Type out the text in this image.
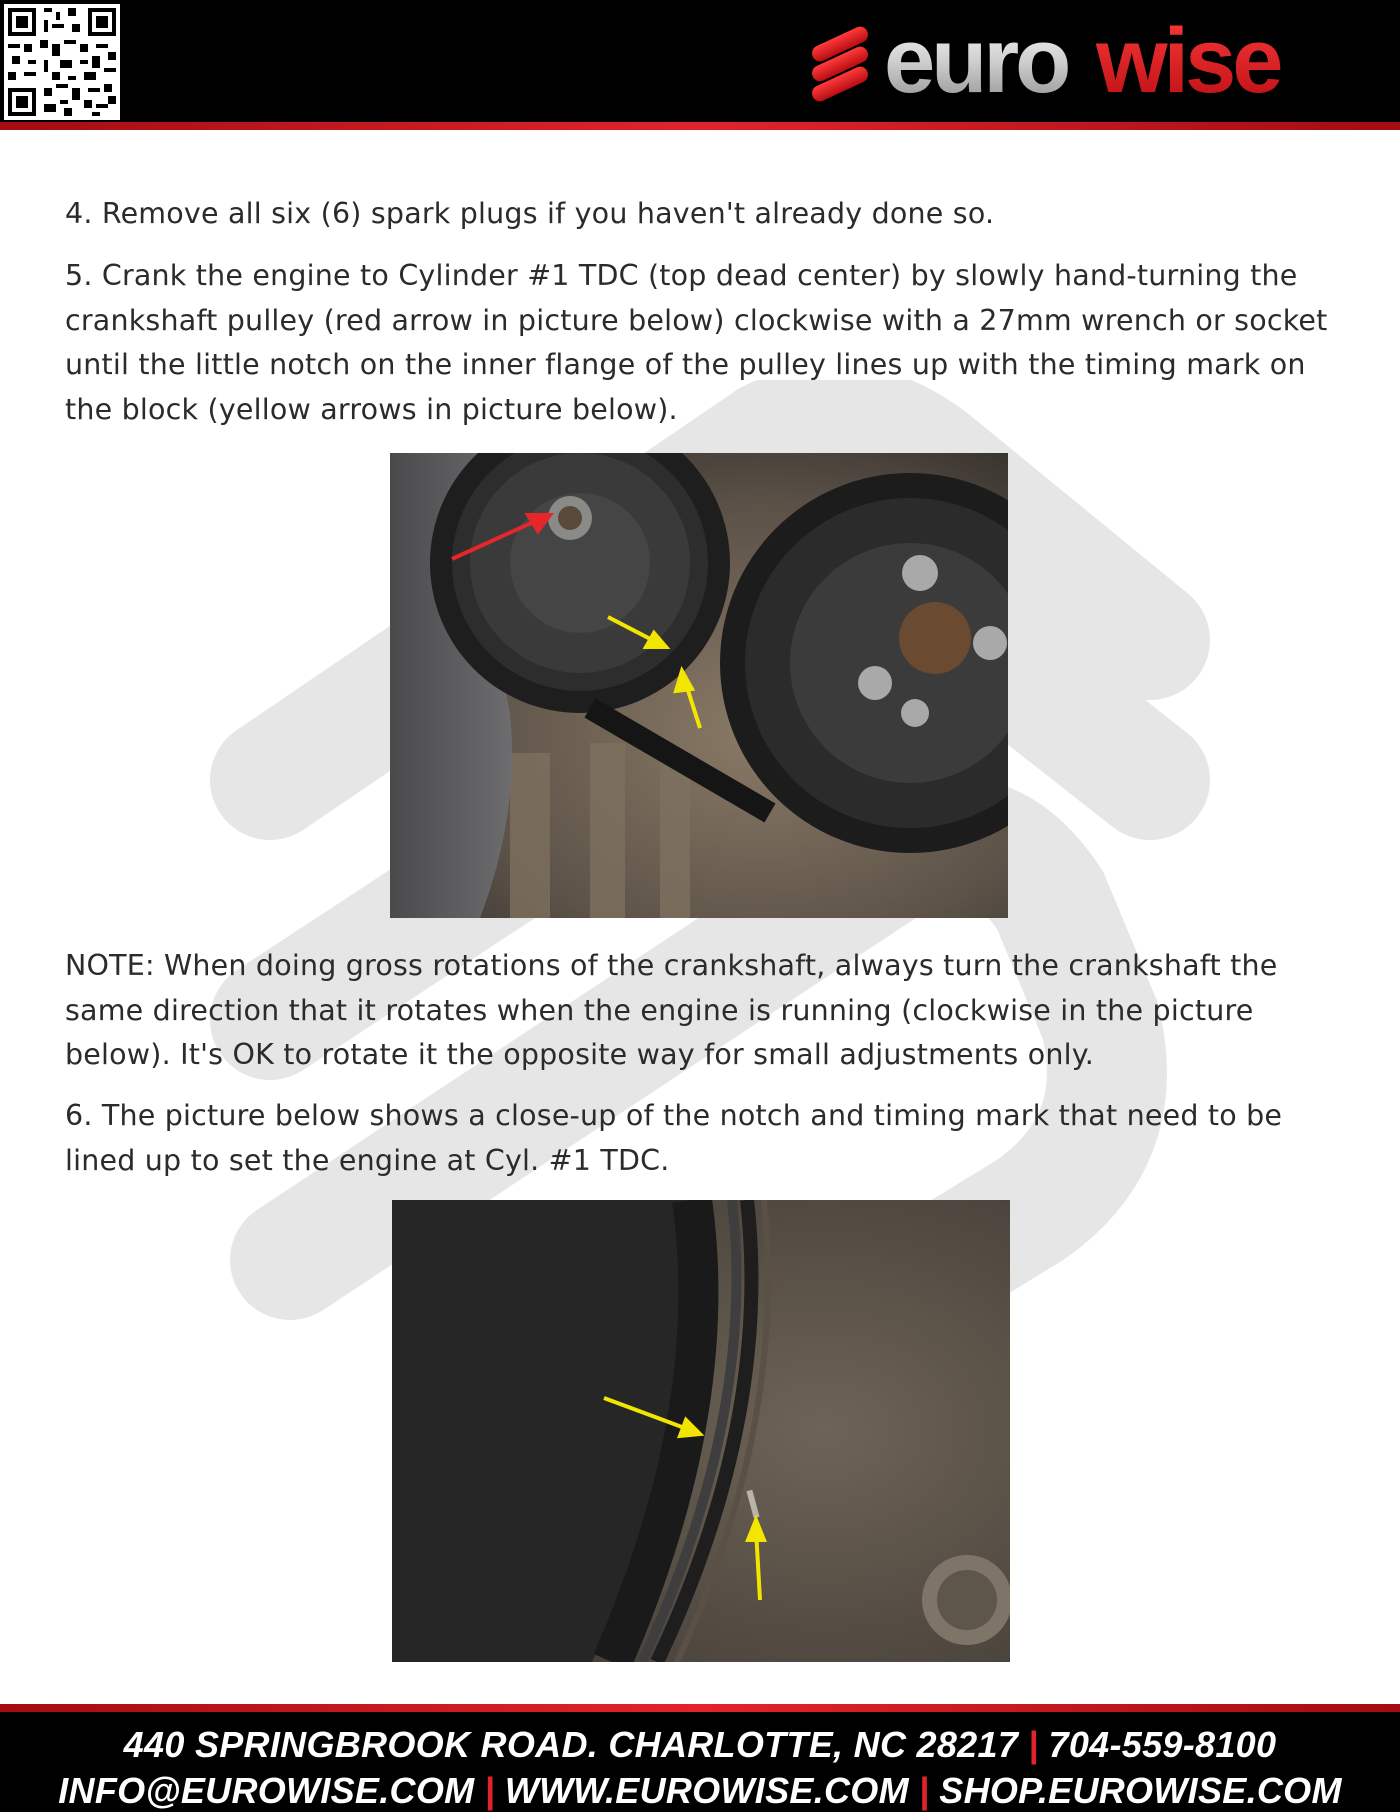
euro wise
4. Remove all six (6) spark plugs if you haven't already done so.
5. Crank the engine to Cylinder #1 TDC (top dead center) by slowly hand-turning the crankshaft pulley (red arrow in picture below) clockwise with a 27mm wrench or socket until the little notch on the inner flange of the pulley lines up with the timing mark on the block (yellow arrows in picture below).
NOTE: When doing gross rotations of the crankshaft, always turn the crankshaft the same direction that it rotates when the engine is running (clockwise in the picture below). It's OK to rotate it the opposite way for small adjustments only.
6. The picture below shows a close-up of the notch and timing mark that need to be lined up to set the engine at Cyl. #1 TDC.
440 SPRINGBROOK ROAD. CHARLOTTE, NC 28217 | 704-559-8100
INFO@EUROWISE.COM | WWW.EUROWISE.COM | SHOP.EUROWISE.COM
